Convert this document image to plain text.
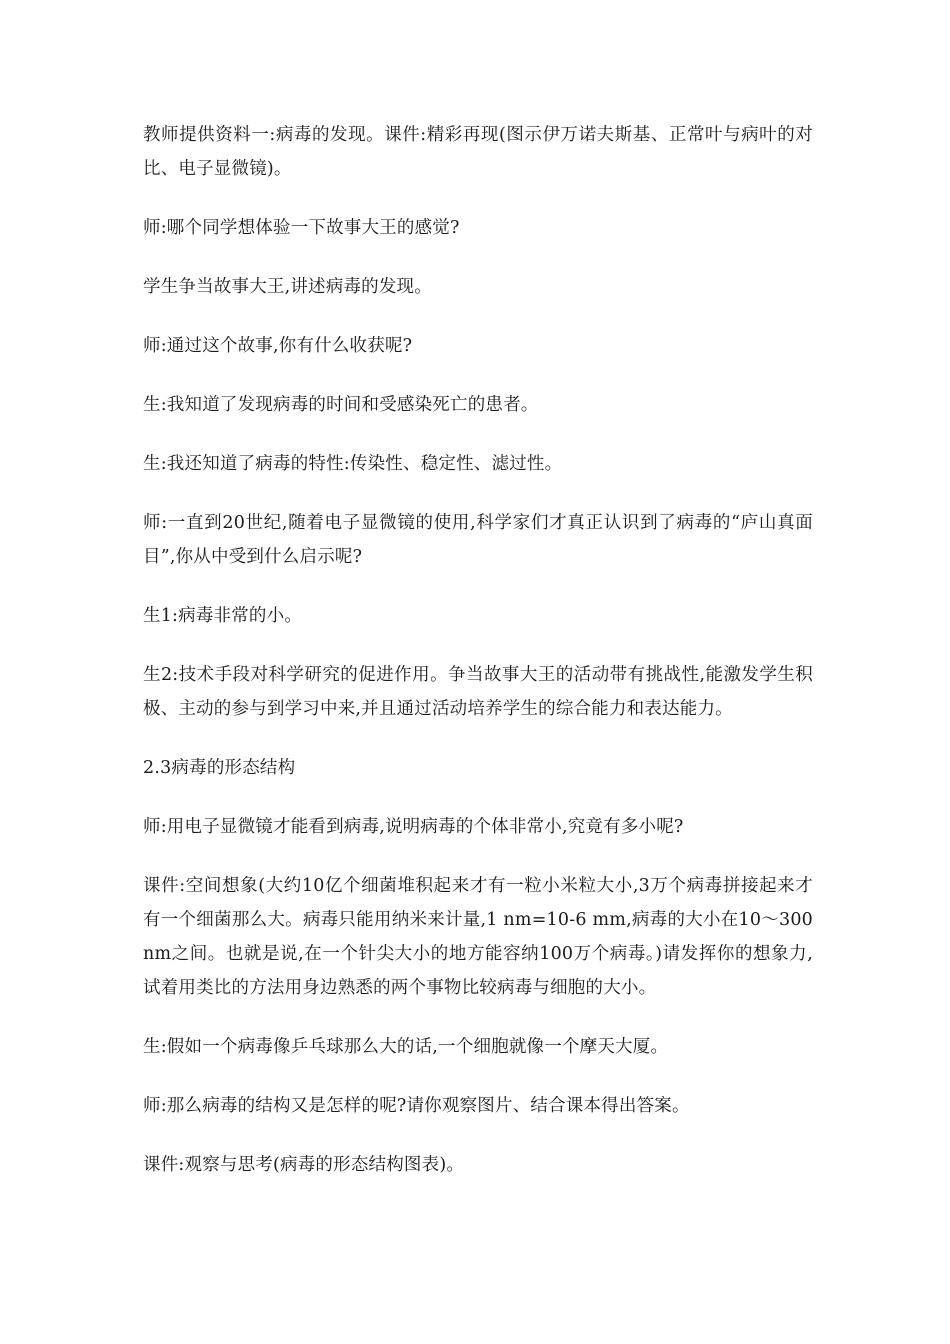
教师提供资料一:病毒的发现。课件:精彩再现(图示伊万诺夫斯基、正常叶与病叶的对比、电子显微镜)。

师:哪个同学想体验一下故事大王的感觉?

学生争当故事大王,讲述病毒的发现。

师:通过这个故事,你有什么收获呢?

生:我知道了发现病毒的时间和受感染死亡的患者。

生:我还知道了病毒的特性:传染性、稳定性、滤过性。

师:一直到20世纪,随着电子显微镜的使用,科学家们才真正认识到了病毒的“庐山真面目”,你从中受到什么启示呢?

生1:病毒非常的小。

生2:技术手段对科学研究的促进作用。争当故事大王的活动带有挑战性,能激发学生积极、主动的参与到学习中来,并且通过活动培养学生的综合能力和表达能力。

2.3病毒的形态结构

师:用电子显微镜才能看到病毒,说明病毒的个体非常小,究竟有多小呢?

课件:空间想象(大约10亿个细菌堆积起来才有一粒小米粒大小,3万个病毒拼接起来才有一个细菌那么大。病毒只能用纳米来计量,1 nm=10-6 mm,病毒的大小在10～300 nm之间。也就是说,在一个针尖大小的地方能容纳100万个病毒。)请发挥你的想象力,试着用类比的方法用身边熟悉的两个事物比较病毒与细胞的大小。

生:假如一个病毒像乒乓球那么大的话,一个细胞就像一个摩天大厦。

师:那么病毒的结构又是怎样的呢?请你观察图片、结合课本得出答案。

课件:观察与思考(病毒的形态结构图表)。
